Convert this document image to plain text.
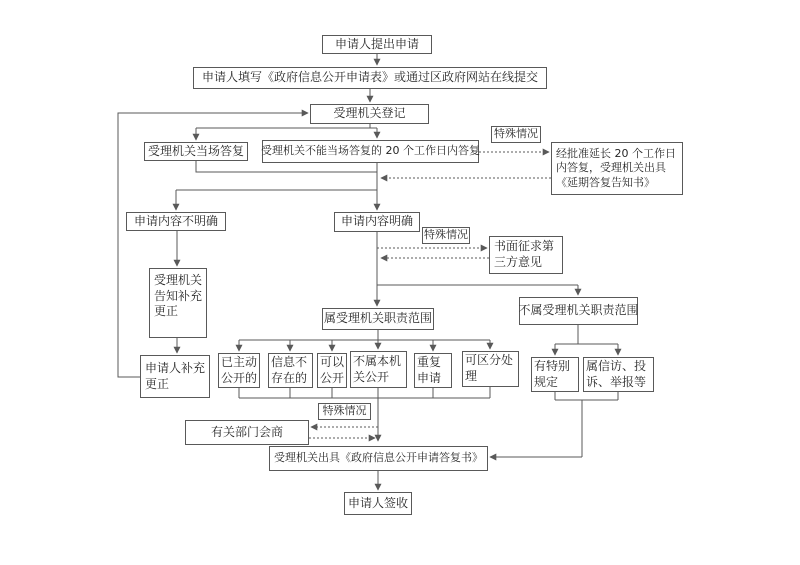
申请人提出申请
申请人填写《政府信息公开申请表》或通过区政府网站在线提交
受理机关登记
受理机关当场答复	受理机关不能当场答复的 20 个工作日内答复
特殊情况
经批准延长 20 个工作日内答复，受理机关出具《延期答复告知书》
申请内容不明确	申请内容明确
特殊情况
书面征求第三方意见
受理机关告知补充更正
申请人补充更正
属受理机关职责范围
不属受理机关职责范围
已主动公开的
信息不存在的
可以公开
不属本机关公开
重复申请
可区分处理
有特别规定
属信访、投诉、举报等
特殊情况
有关部门会商
受理机关出具《政府信息公开申请答复书》
申请人签收
